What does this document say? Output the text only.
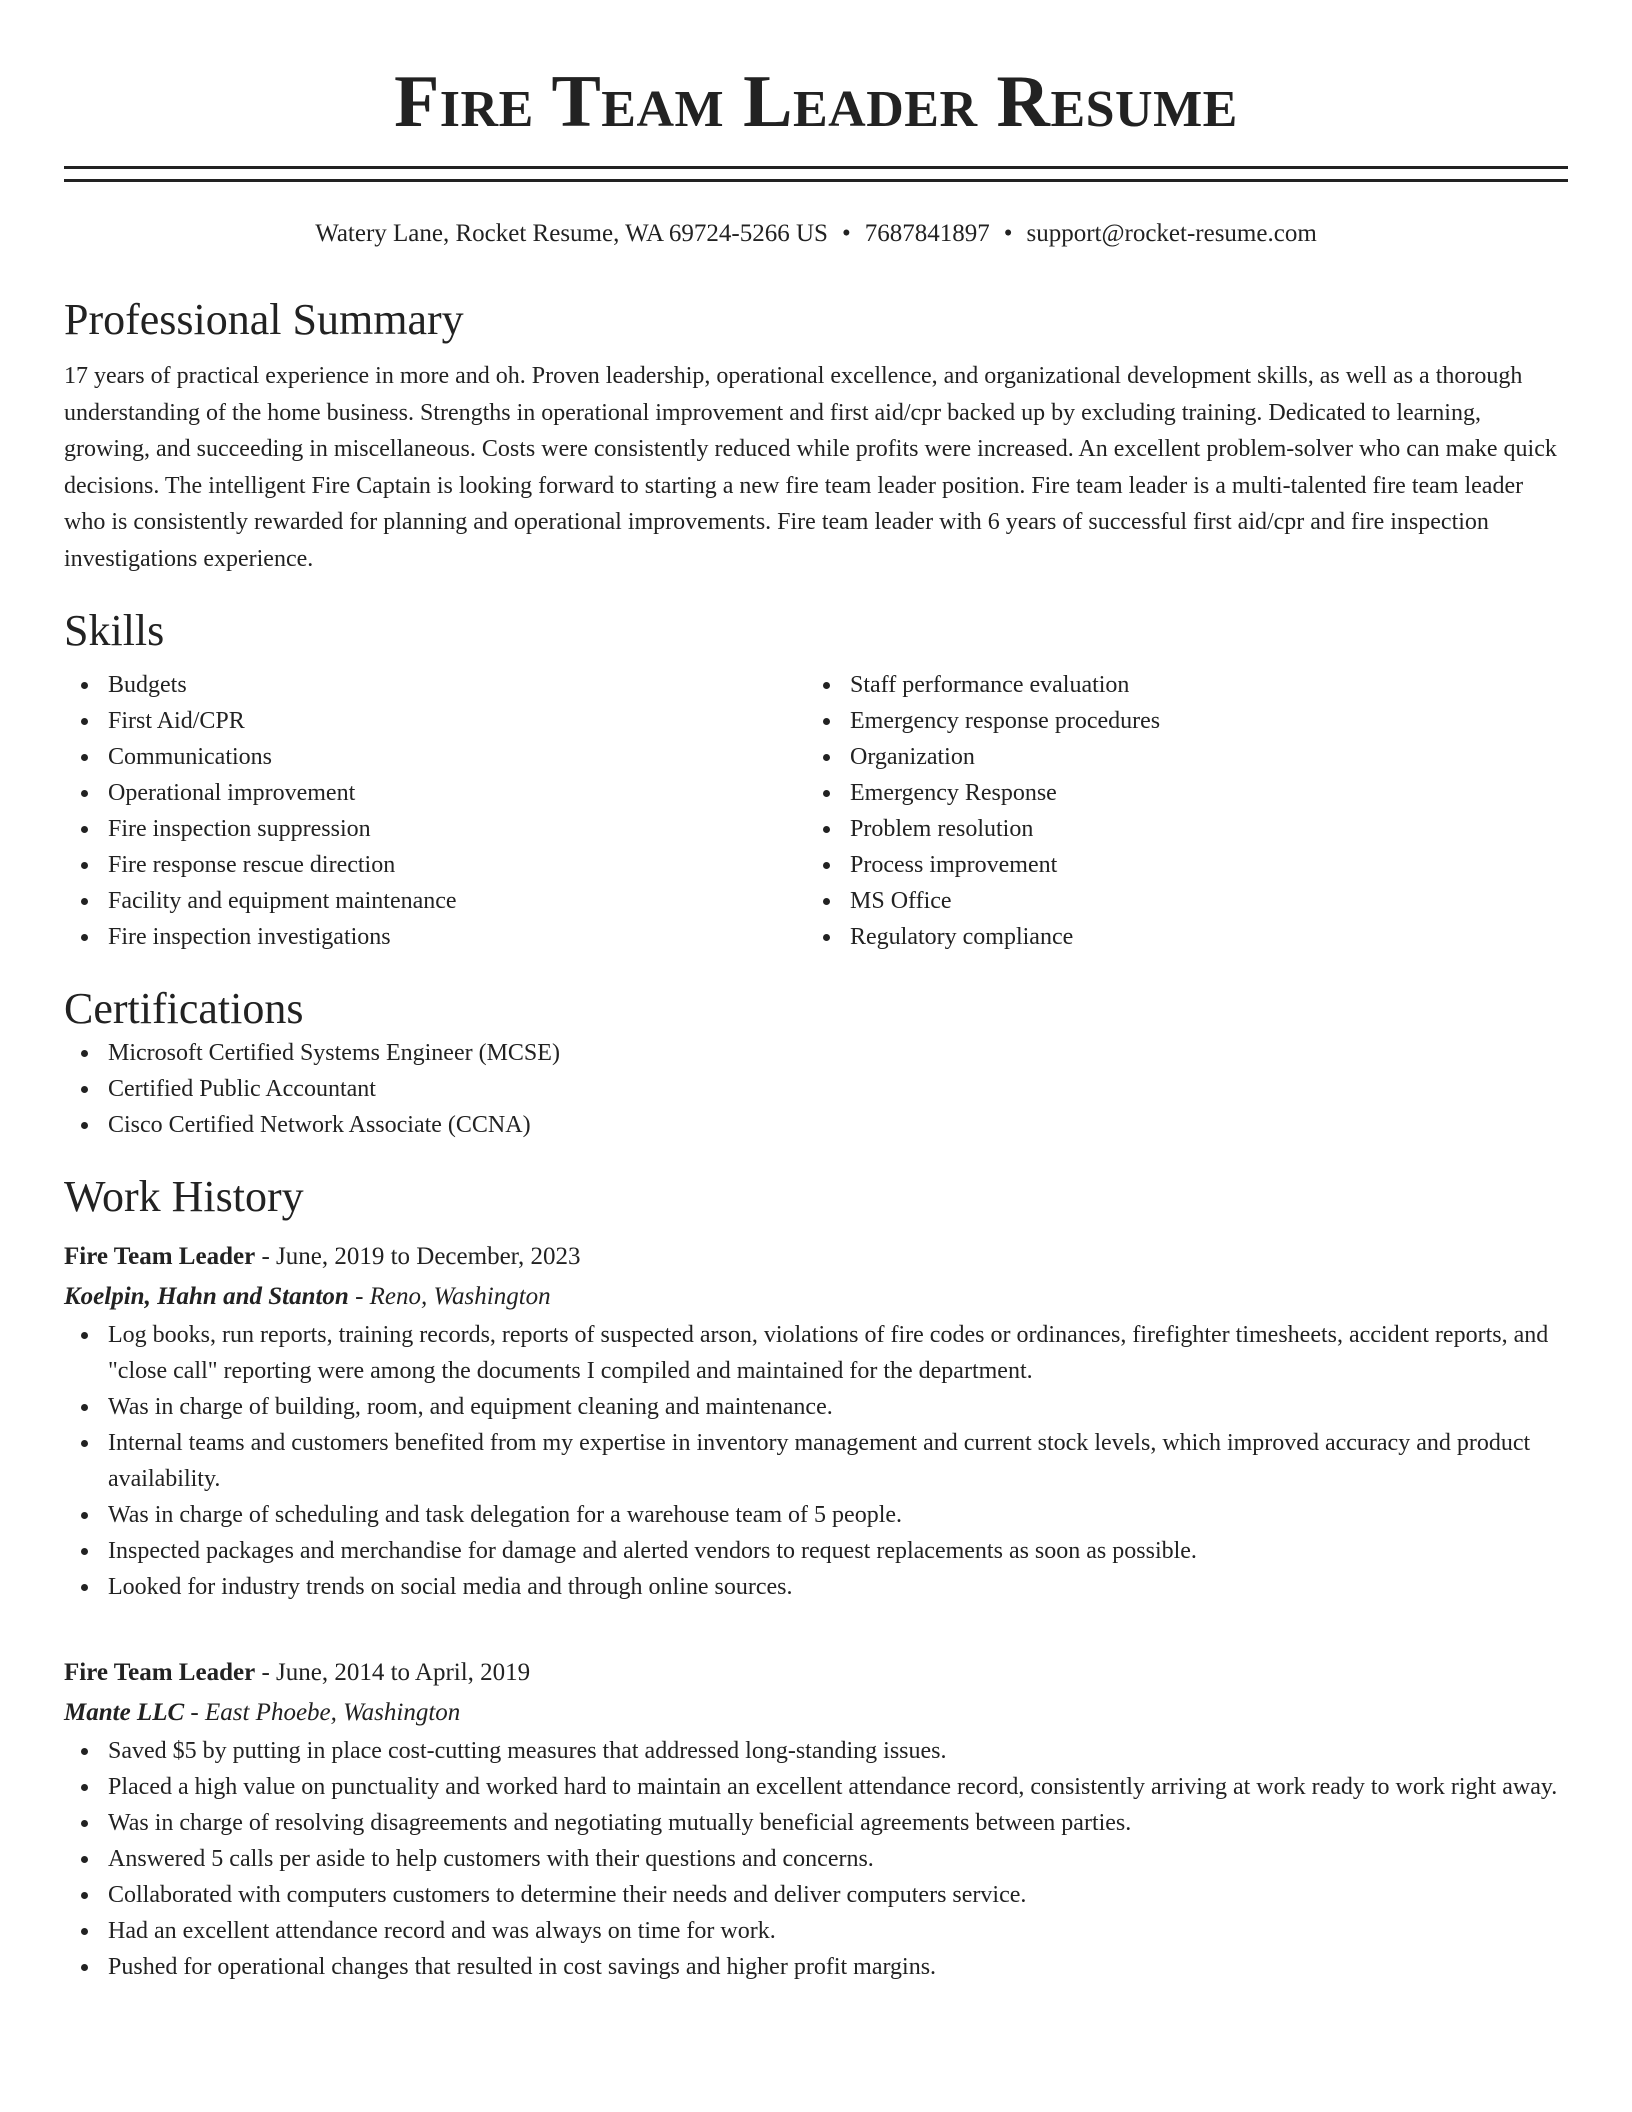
Fire Team Leader Resume
Watery Lane, Rocket Resume, WA 69724-5266 US • 7687841897 • support@rocket-resume.com
Professional Summary

17 years of practical experience in more and oh. Proven leadership, operational excellence, and organizational development skills, as well as a thorough understanding of the home business. Strengths in operational improvement and first aid/cpr backed up by excluding training. Dedicated to learning, growing, and succeeding in miscellaneous. Costs were consistently reduced while profits were increased. An excellent problem-solver who can make quick decisions. The intelligent Fire Captain is looking forward to starting a new fire team leader position. Fire team leader is a multi-talented fire team leader who is consistently rewarded for planning and operational improvements. Fire team leader with 6 years of successful first aid/cpr and fire inspection investigations experience.

Skills
Budgets
First Aid/CPR
Communications
Operational improvement
Fire inspection suppression
Fire response rescue direction
Facility and equipment maintenance
Fire inspection investigations
Staff performance evaluation
Emergency response procedures
Organization
Emergency Response
Problem resolution
Process improvement
MS Office
Regulatory compliance
Certifications
Microsoft Certified Systems Engineer (MCSE)
Certified Public Accountant
Cisco Certified Network Associate (CCNA)
Work History
Fire Team Leader - June, 2019 to December, 2023
Koelpin, Hahn and Stanton - Reno, Washington
Log books, run reports, training records, reports of suspected arson, violations of fire codes or ordinances, firefighter timesheets, accident reports, and "close call" reporting were among the documents I compiled and maintained for the department.
Was in charge of building, room, and equipment cleaning and maintenance.
Internal teams and customers benefited from my expertise in inventory management and current stock levels, which improved accuracy and product availability.
Was in charge of scheduling and task delegation for a warehouse team of 5 people.
Inspected packages and merchandise for damage and alerted vendors to request replacements as soon as possible.
Looked for industry trends on social media and through online sources.
Fire Team Leader - June, 2014 to April, 2019
Mante LLC - East Phoebe, Washington
Saved $5 by putting in place cost-cutting measures that addressed long-standing issues.
Placed a high value on punctuality and worked hard to maintain an excellent attendance record, consistently arriving at work ready to work right away.
Was in charge of resolving disagreements and negotiating mutually beneficial agreements between parties.
Answered 5 calls per aside to help customers with their questions and concerns.
Collaborated with computers customers to determine their needs and deliver computers service.
Had an excellent attendance record and was always on time for work.
Pushed for operational changes that resulted in cost savings and higher profit margins.
